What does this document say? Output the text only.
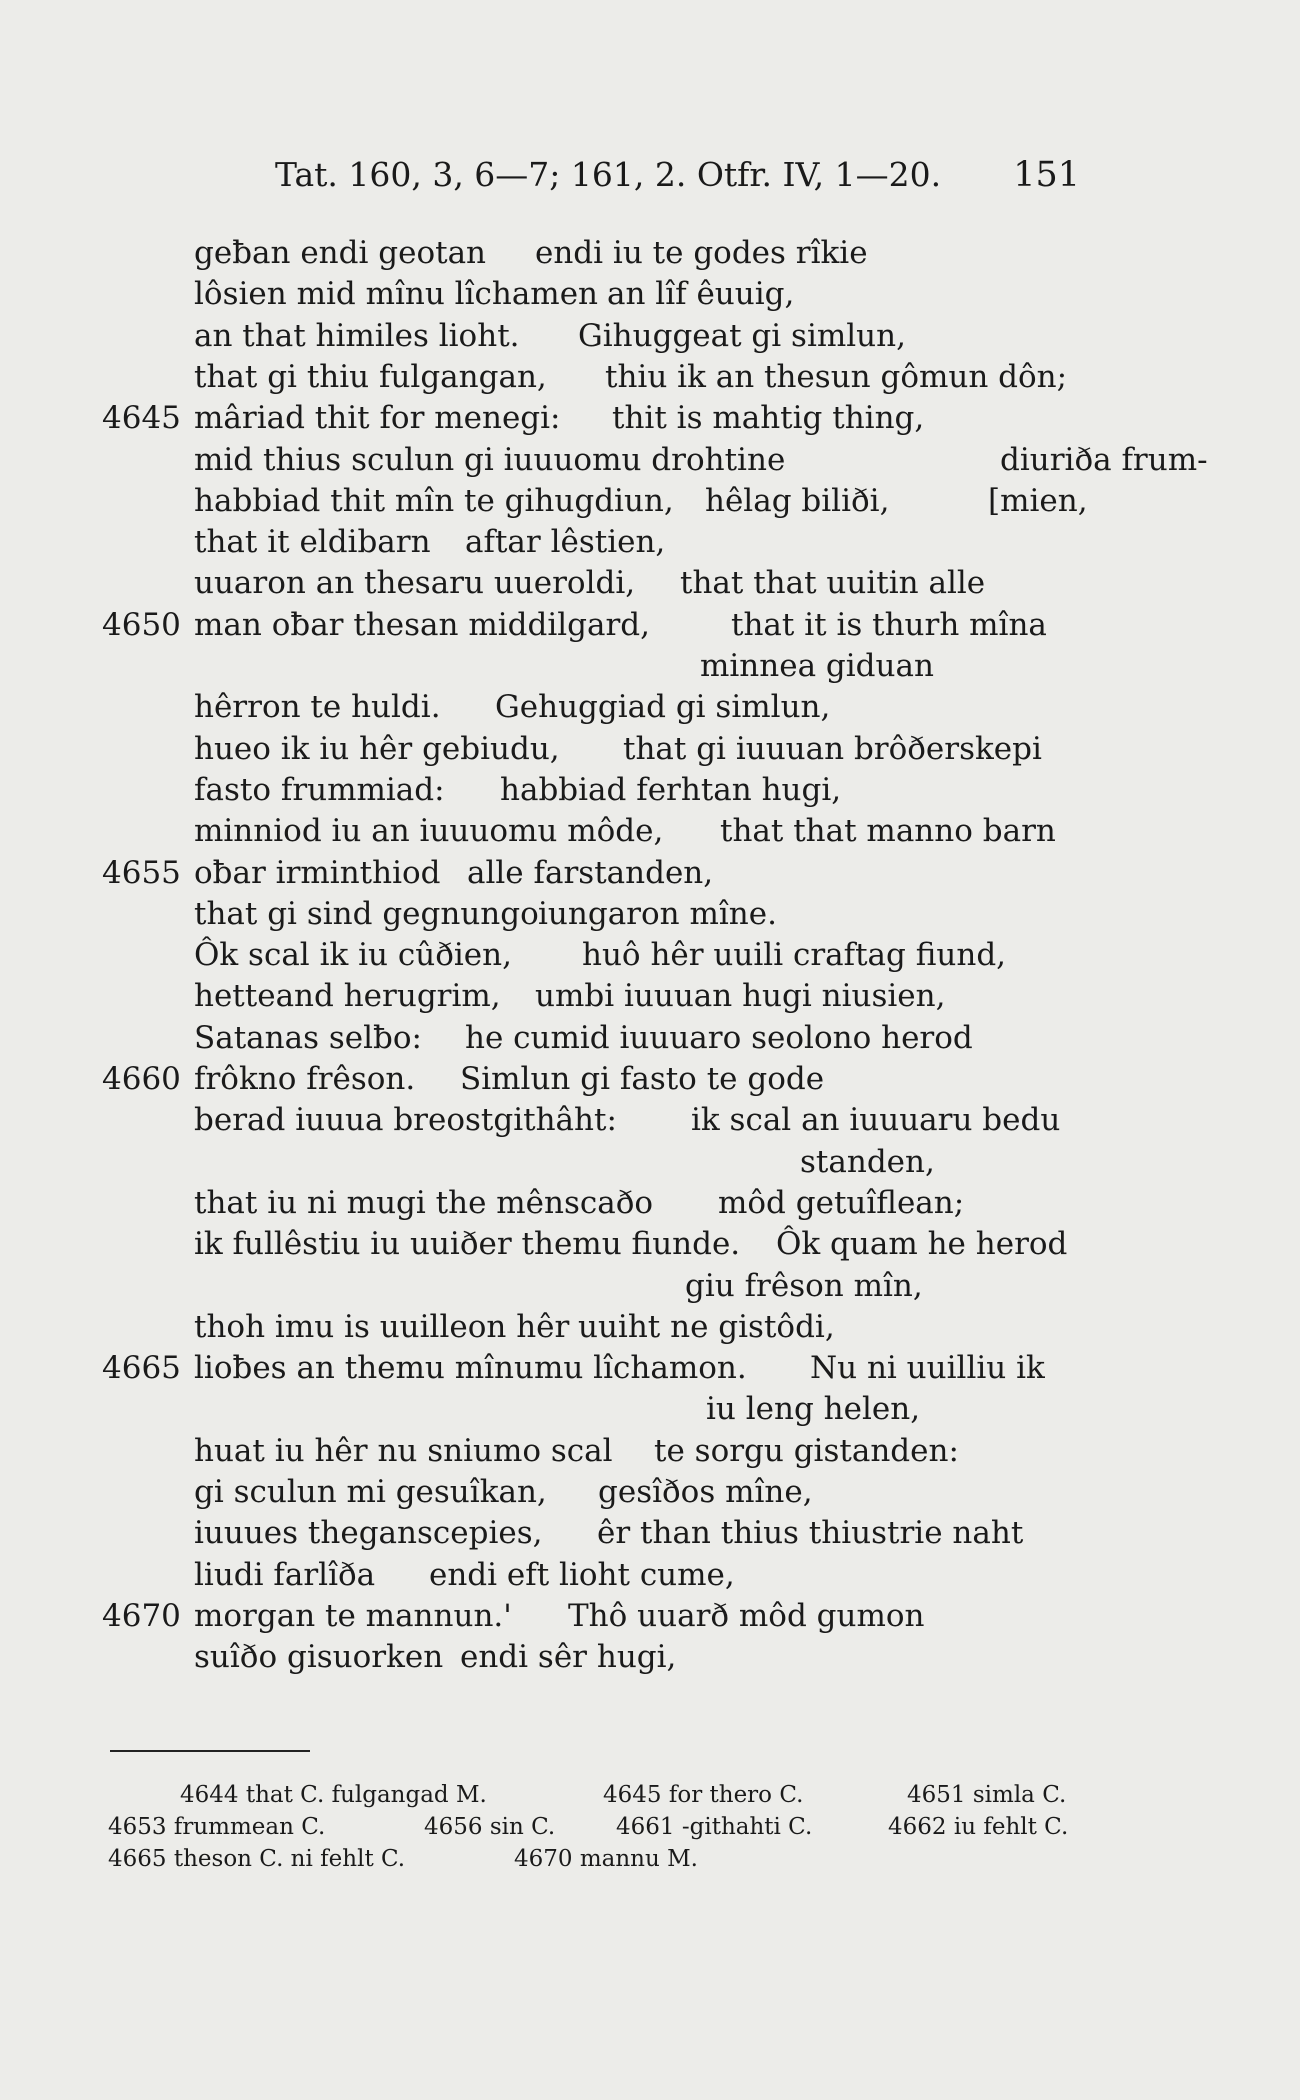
Tat. 160, 3, 6—7; 161, 2. Otfr. IV, 1—20. 151
geƀan endi geotan endi iu te godes rîkie
lôsien mid mînu lîchamen an lîf êuuig,
an that himiles lioht. Gihuggeat gi simlun,
that gi thiu fulgangan, thiu ik an thesun gômun dôn;
4645 mâriad thit for menegi: thit is mahtig thing,
mid thius sculun gi iuuuomu drohtine	diuriða frum-
habbiad thit mîn te gihugdiun, hêlag biliði,	[mien,
that it eldibarn aftar lêstien,
uuaron an thesaru uueroldi, that that uuitin alle
4650 man oƀar thesan middilgard,	that it is thurh mîna
minnea giduan
hêrron te huldi. Gehuggiad gi simlun,
hueo ik iu hêr gebiudu, that gi iuuuan brôðerskepi
fasto frummiad: habbiad ferhtan hugi,
minniod iu an iuuuomu môde, that that manno barn
4655 oƀar irminthiod alle farstanden,
that gi sind gegnungo iungaron mîne.
Ôk scal ik iu cûðien, huô hêr uuili craftag fiund,
hetteand herugrim, umbi iuuuan hugi niusien,
Satanas selƀo: he cumid iuuuaro seolono herod
4660 frôkno frêson. Simlun gi fasto te gode
berad iuuua breostgithâht: ik scal an iuuuaru bedu
standen,
that iu ni mugi the mênscaðo môd getuîflean;
ik fullêstiu iu uuiðer themu fiunde. Ôk quam he herod
giu frêson mîn,
thoh imu is uuilleon hêr uuiht ne gistôdi,
4665 lioƀes an themu mînumu lîchamon. Nu ni uuilliu ik
iu leng helen,
huat iu hêr nu sniumo scal te sorgu gistanden:
gi sculun mi gesuîkan, gesîðos mîne,
iuuues theganscepies, êr than thius thiustrie naht
liudi farlîða endi eft lioht cume,
4670 morgan te mannun.' Thô uuarð môd gumon
suîðo gisuorken endi sêr hugi,
4644 that C. fulgangad M.	4645 for thero C.	4651 simla C.
4653 frummean C.	4656 sin C.	4661 -githahti C.	4662 iu fehlt C.
4665 theson C. ni fehlt C.	4670 mannu M.
